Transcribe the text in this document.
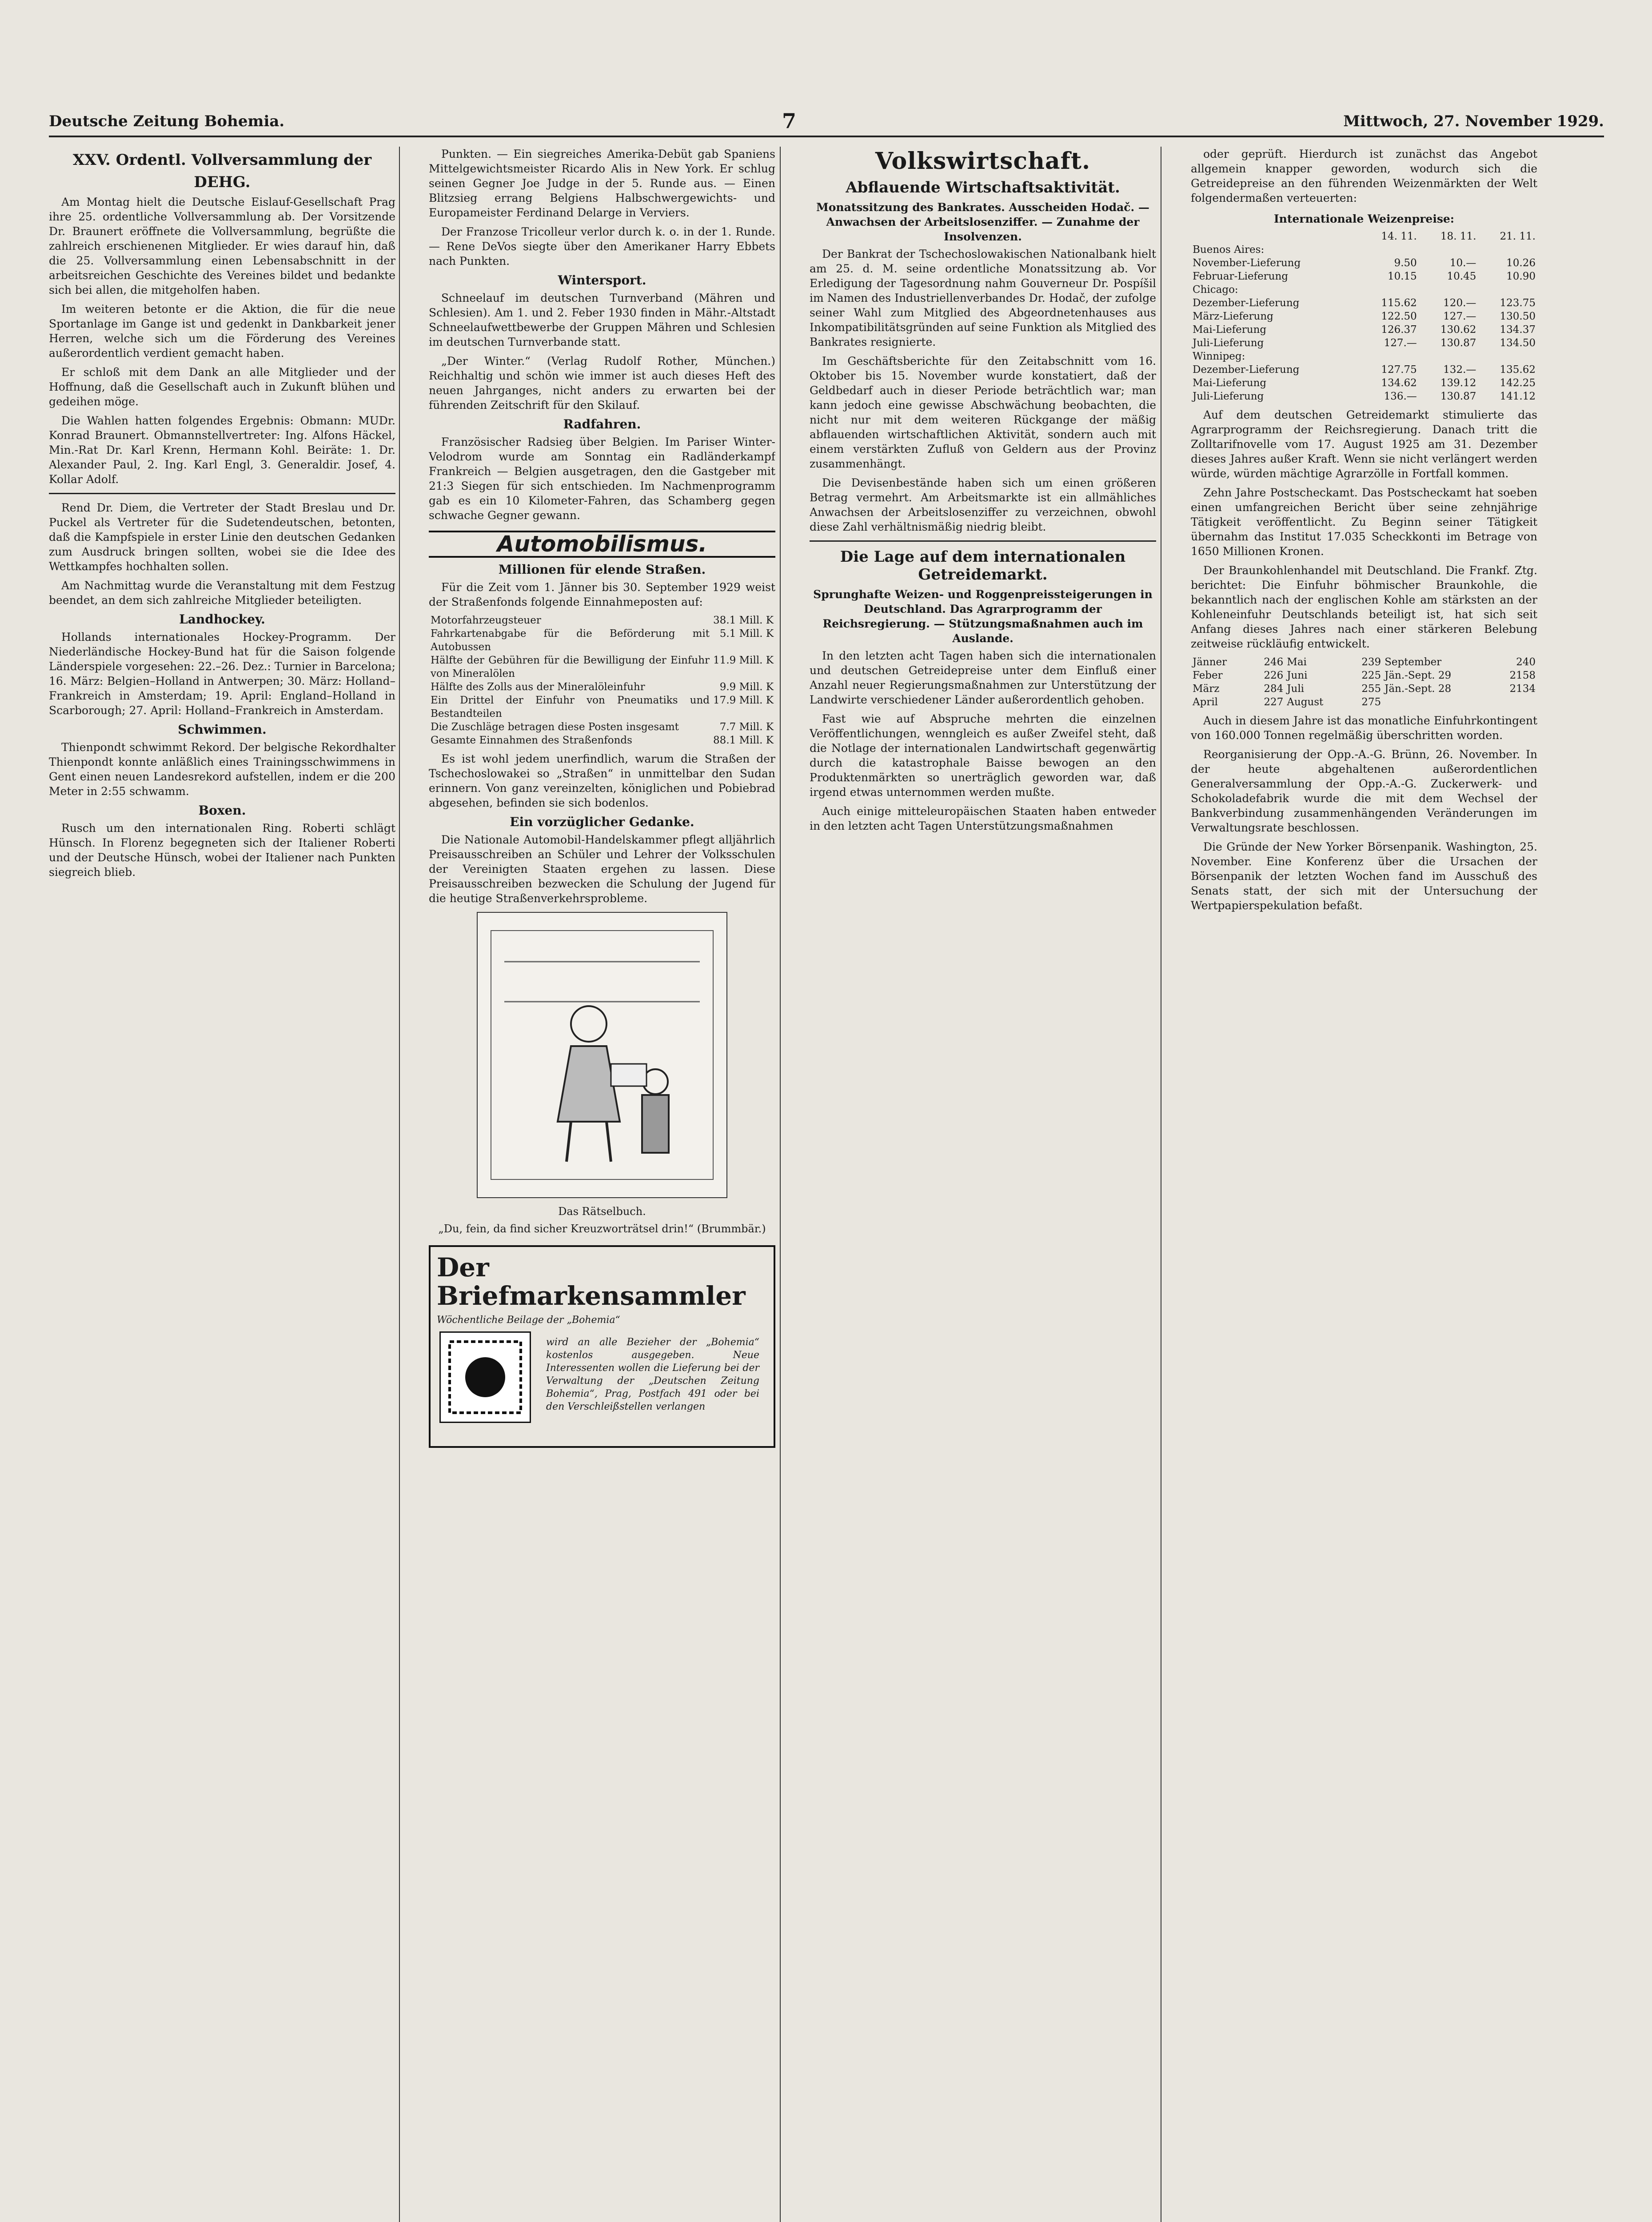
Deutsche Zeitung Bohemia.	7	Mittwoch, 27. November 1929.
XXV. Ordentl. Vollversammlung der
DEHG.

Am Montag hielt die Deutsche Eislauf-Gesellschaft Prag ihre 25. ordentliche Vollversammlung ab. Der Vorsitzende Dr. Braunert eröffnete die Vollversammlung, begrüßte die zahlreich erschienenen Mitglieder. Er wies darauf hin, daß die 25. Vollversammlung einen Lebensabschnitt in der arbeitsreichen Geschichte des Vereines bildet und bedankte sich bei allen, die mitgeholfen haben.

Im weiteren betonte er die Aktion, die für die neue Sportanlage im Gange ist und gedenkt in Dankbarkeit jener Herren, welche sich um die Förderung des Vereines außerordentlich verdient gemacht haben.

Er schloß mit dem Dank an alle Mitglieder und der Hoffnung, daß die Gesellschaft auch in Zukunft blühen und gedeihen möge.

Die Wahlen hatten folgendes Ergebnis: Obmann: MUDr. Konrad Braunert. Obmannstellvertreter: Ing. Alfons Häckel, Min.-Rat Dr. Karl Krenn, Hermann Kohl. Beiräte: 1. Dr. Alexander Paul, 2. Ing. Karl Engl, 3. Generaldir. Josef, 4. Kollar Adolf.

Rend Dr. Diem, die Vertreter der Stadt Breslau und Dr. Puckel als Vertreter für die Sudetendeutschen, betonten, daß die Kampfspiele in erster Linie den deutschen Gedanken zum Ausdruck bringen sollten, wobei sie die Idee des Wettkampfes hochhalten sollen.

Am Nachmittag wurde die Veranstaltung mit dem Festzug beendet, an dem sich zahlreiche Mitglieder beteiligten.

Landhockey.

Hollands internationales Hockey-Programm. Der Niederländische Hockey-Bund hat für die Saison folgende Länderspiele vorgesehen: 22.–26. Dez.: Turnier in Barcelona; 16. März: Belgien–Holland in Antwerpen; 30. März: Holland–Frankreich in Amsterdam; 19. April: England–Holland in Scarborough; 27. April: Holland–Frankreich in Amsterdam.

Schwimmen.

Thienpondt schwimmt Rekord. Der belgische Rekordhalter Thienpondt konnte anläßlich eines Trainingsschwimmens in Gent einen neuen Landesrekord aufstellen, indem er die 200 Meter in 2:55 schwamm.

Boxen.

Rusch um den internationalen Ring. Roberti schlägt Hünsch. In Florenz begegneten sich der Italiener Roberti und der Deutsche Hünsch, wobei der Italiener nach Punkten siegreich blieb.

Punkten. — Ein siegreiches Amerika-Debüt gab Spaniens Mittelgewichtsmeister Ricardo Alis in New York. Er schlug seinen Gegner Joe Judge in der 5. Runde aus. — Einen Blitzsieg errang Belgiens Halbschwergewichts- und Europameister Ferdinand Delarge in Verviers.

Der Franzose Tricolleur verlor durch k. o. in der 1. Runde. — Rene DeVos siegte über den Amerikaner Harry Ebbets nach Punkten.

Wintersport.

Schneelauf im deutschen Turnverband (Mähren und Schlesien). Am 1. und 2. Feber 1930 finden in Mähr.-Altstadt Schneelaufwettbewerbe der Gruppen Mähren und Schlesien im deutschen Turnverbande statt.

„Der Winter.“ (Verlag Rudolf Rother, München.) Reichhaltig und schön wie immer ist auch dieses Heft des neuen Jahrganges, nicht anders zu erwarten bei der führenden Zeitschrift für den Skilauf.

Radfahren.

Französischer Radsieg über Belgien. Im Pariser Winter-Velodrom wurde am Sonntag ein Radländerkampf Frankreich — Belgien ausgetragen, den die Gastgeber mit 21:3 Siegen für sich entschieden. Im Nachmenprogramm gab es ein 10 Kilometer-Fahren, das Schamberg gegen schwache Gegner gewann.

Automobilismus.
Millionen für elende Straßen.

Für die Zeit vom 1. Jänner bis 30. September 1929 weist der Straßenfonds folgende Einnahmeposten auf:

Motorfahrzeugsteuer	38.1 Mill. K
Fahrkartenabgabe für die Beförderung mit Autobussen	5.1 Mill. K
Hälfte der Gebühren für die Bewilligung der Einfuhr von Mineralölen	11.9 Mill. K
Hälfte des Zolls aus der Mineralöleinfuhr	9.9 Mill. K
Ein Drittel der Einfuhr von Pneumatiks und Bestandteilen	17.9 Mill. K
Die Zuschläge betragen diese Posten insgesamt	7.7 Mill. K
Gesamte Einnahmen des Straßenfonds	88.1 Mill. K

Es ist wohl jedem unerfindlich, warum die Straßen der Tschechoslowakei so „Straßen“ in unmittelbar den Sudan erinnern. Von ganz vereinzelten, königlichen und Pobiebrad abgesehen, befinden sie sich bodenlos.

Ein vorzüglicher Gedanke.

Die Nationale Automobil-Handelskammer pflegt alljährlich Preisausschreiben an Schüler und Lehrer der Volksschulen der Vereinigten Staaten ergehen zu lassen. Diese Preisausschreiben bezwecken die Schulung der Jugend für die heutige Straßenverkehrsprobleme.

Das Rätselbuch.
„Du, fein, da find sicher Kreuzworträtsel drin!“ (Brummbär.)
Der Briefmarkensammler
Wöchentliche Beilage der „Bohemia“
wird an alle Bezieher der „Bohemia“ kostenlos ausgegeben. Neue Interessenten wollen die Lieferung bei der Verwaltung der „Deutschen Zeitung Bohemia“, Prag, Postfach 491 oder bei den Verschleißstellen verlangen
Volkswirtschaft.
Abflauende Wirtschaftsaktivität.
Monatssitzung des Bankrates. Ausscheiden Hodač. — Anwachsen der Arbeitslosenziffer. — Zunahme der Insolvenzen.

Der Bankrat der Tschechoslowakischen Nationalbank hielt am 25. d. M. seine ordentliche Monatssitzung ab. Vor Erledigung der Tagesordnung nahm Gouverneur Dr. Pospíšil im Namen des Industriellenverbandes Dr. Hodač, der zufolge seiner Wahl zum Mitglied des Abgeordnetenhauses aus Inkompatibilitätsgründen auf seine Funktion als Mitglied des Bankrates resignierte.

Im Geschäftsberichte für den Zeitabschnitt vom 16. Oktober bis 15. November wurde konstatiert, daß der Geldbedarf auch in dieser Periode beträchtlich war; man kann jedoch eine gewisse Abschwächung beobachten, die nicht nur mit dem weiteren Rückgange der mäßig abflauenden wirtschaftlichen Aktivität, sondern auch mit einem verstärkten Zufluß von Geldern aus der Provinz zusammenhängt.

Die Devisenbestände haben sich um einen größeren Betrag vermehrt. Am Arbeitsmarkte ist ein allmähliches Anwachsen der Arbeitslosenziffer zu verzeichnen, obwohl diese Zahl verhältnismäßig niedrig bleibt.

Die Lage auf dem internationalen Getreidemarkt.
Sprunghafte Weizen- und Roggenpreissteigerungen in Deutschland. Das Agrarprogramm der Reichsregierung. — Stützungsmaßnahmen auch im Auslande.

In den letzten acht Tagen haben sich die internationalen und deutschen Getreidepreise unter dem Einfluß einer Anzahl neuer Regierungsmaßnahmen zur Unterstützung der Landwirte verschiedener Länder außerordentlich gehoben.

Fast wie auf Abspruche mehrten die einzelnen Veröffentlichungen, wenngleich es außer Zweifel steht, daß die Notlage der internationalen Landwirtschaft gegenwärtig durch die katastrophale Baisse bewogen an den Produktenmärkten so unerträglich geworden war, daß irgend etwas unternommen werden mußte.

Auch einige mitteleuropäischen Staaten haben entweder in den letzten acht Tagen Unterstützungsmaßnahmen

oder geprüft. Hierdurch ist zunächst das Angebot allgemein knapper geworden, wodurch sich die Getreidepreise an den führenden Weizenmärkten der Welt folgendermaßen verteuerten:

Internationale Weizenpreise:
	14. 11.	18. 11.	21. 11.
Buenos Aires:			
November-Lieferung	9.50	10.—	10.26
Februar-Lieferung	10.15	10.45	10.90
Chicago:			
Dezember-Lieferung	115.62	120.—	123.75
März-Lieferung	122.50	127.—	130.50
Mai-Lieferung	126.37	130.62	134.37
Juli-Lieferung	127.—	130.87	134.50
Winnipeg:			
Dezember-Lieferung	127.75	132.—	135.62
Mai-Lieferung	134.62	139.12	142.25
Juli-Lieferung	136.—	130.87	141.12

Auf dem deutschen Getreidemarkt stimulierte das Agrarprogramm der Reichsregierung. Danach tritt die Zolltarifnovelle vom 17. August 1925 am 31. Dezember dieses Jahres außer Kraft. Wenn sie nicht verlängert werden würde, würden mächtige Agrarzölle in Fortfall kommen.

Zehn Jahre Postscheckamt. Das Postscheckamt hat soeben einen umfangreichen Bericht über seine zehnjährige Tätigkeit veröffentlicht. Zu Beginn seiner Tätigkeit übernahm das Institut 17.035 Scheckkonti im Betrage von 1650 Millionen Kronen.

Der Braunkohlenhandel mit Deutschland. Die Frankf. Ztg. berichtet: Die Einfuhr böhmischer Braunkohle, die bekanntlich nach der englischen Kohle am stärksten an der Kohleneinfuhr Deutschlands beteiligt ist, hat sich seit Anfang dieses Jahres nach einer stärkeren Belebung zeitweise rückläufig entwickelt.

Jänner	246	Mai	239	September	240
Feber	226	Juni	225	Jän.-Sept. 29	2158
März	284	Juli	255	Jän.-Sept. 28	2134
April	227	August	275		

Auch in diesem Jahre ist das monatliche Einfuhrkontingent von 160.000 Tonnen regelmäßig überschritten worden.

Reorganisierung der Opp.-A.-G. Brünn, 26. November. In der heute abgehaltenen außerordentlichen Generalversammlung der Opp.-A.-G. Zuckerwerk- und Schokoladefabrik wurde die mit dem Wechsel der Bankverbindung zusammenhängenden Veränderungen im Verwaltungsrate beschlossen.

Die Gründe der New Yorker Börsenpanik. Washington, 25. November. Eine Konferenz über die Ursachen der Börsenpanik der letzten Wochen fand im Ausschuß des Senats statt, der sich mit der Untersuchung der Wertpapierspekulation befaßt.
